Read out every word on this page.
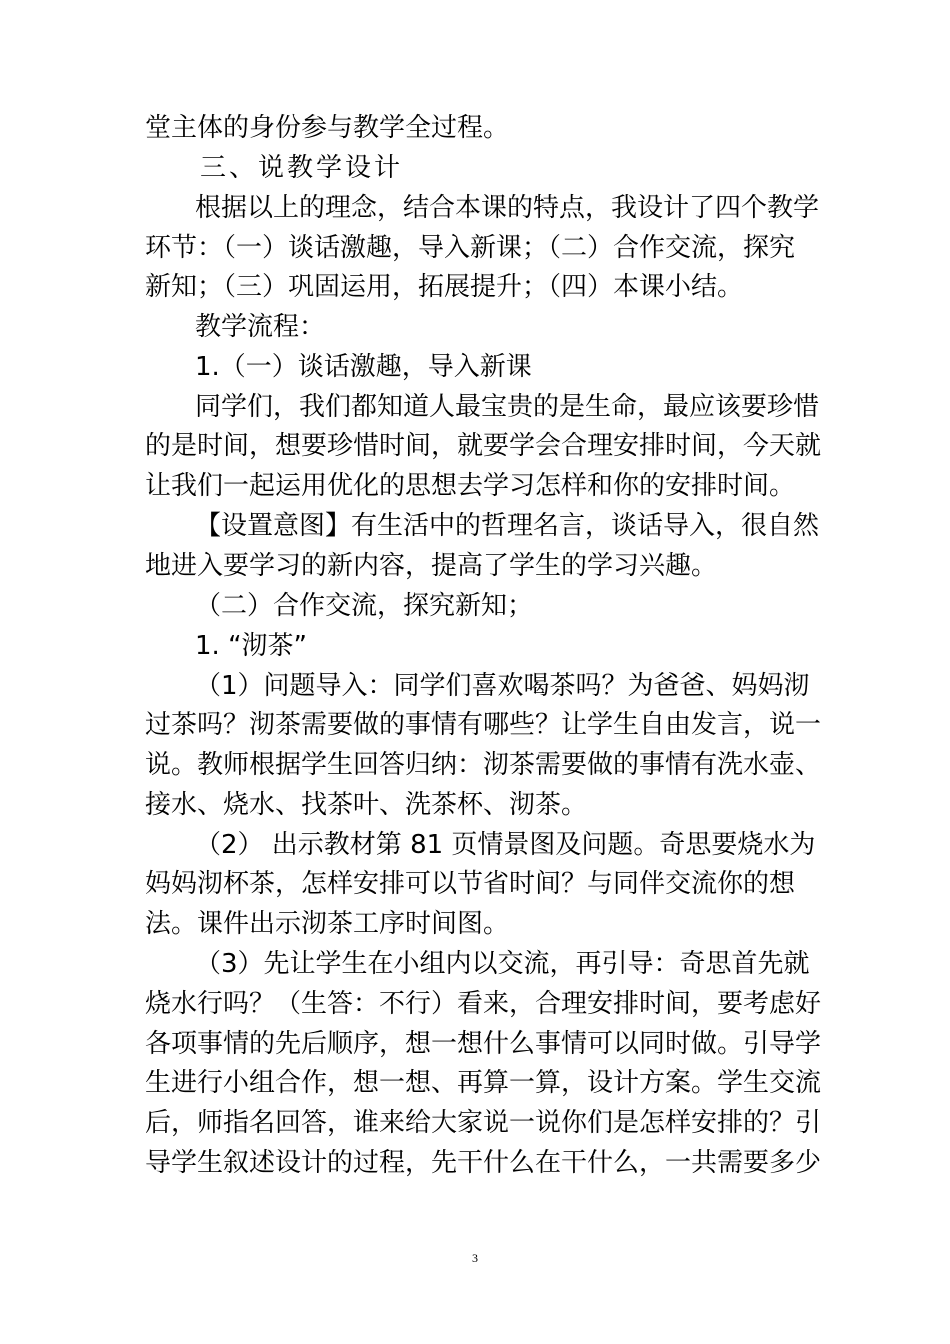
堂主体的身份参与教学全过程。
三、说教学设计
根据以上的理念，结合本课的特点，我设计了四个教学
环节：（一）谈话激趣，导入新课；（二）合作交流，探究
新知；（三）巩固运用，拓展提升；（四）本课小结。
教学流程：
1.（一）谈话激趣，导入新课
同学们，我们都知道人最宝贵的是生命，最应该要珍惜
的是时间，想要珍惜时间，就要学会合理安排时间，今天就
让我们一起运用优化的思想去学习怎样和你的安排时间。
【设置意图】有生活中的哲理名言，谈话导入，很自然
地进入要学习的新内容，提高了学生的学习兴趣。
（二）合作交流，探究新知；
1. “沏茶”
（1）问题导入：同学们喜欢喝茶吗？为爸爸、妈妈沏
过茶吗？沏茶需要做的事情有哪些？让学生自由发言，说一
说。教师根据学生回答归纳：沏茶需要做的事情有洗水壶、
接水、烧水、找茶叶、洗茶杯、沏茶。
（2） 出示教材第 81 页情景图及问题。奇思要烧水为
妈妈沏杯茶，怎样安排可以节省时间？与同伴交流你的想
法。课件出示沏茶工序时间图。
（3）先让学生在小组内以交流，再引导：奇思首先就
烧水行吗？（生答：不行）看来，合理安排时间，要考虑好
各项事情的先后顺序，想一想什么事情可以同时做。引导学
生进行小组合作，想一想、再算一算，设计方案。学生交流
后，师指名回答，谁来给大家说一说你们是怎样安排的？引
导学生叙述设计的过程，先干什么在干什么，一共需要多少
3
